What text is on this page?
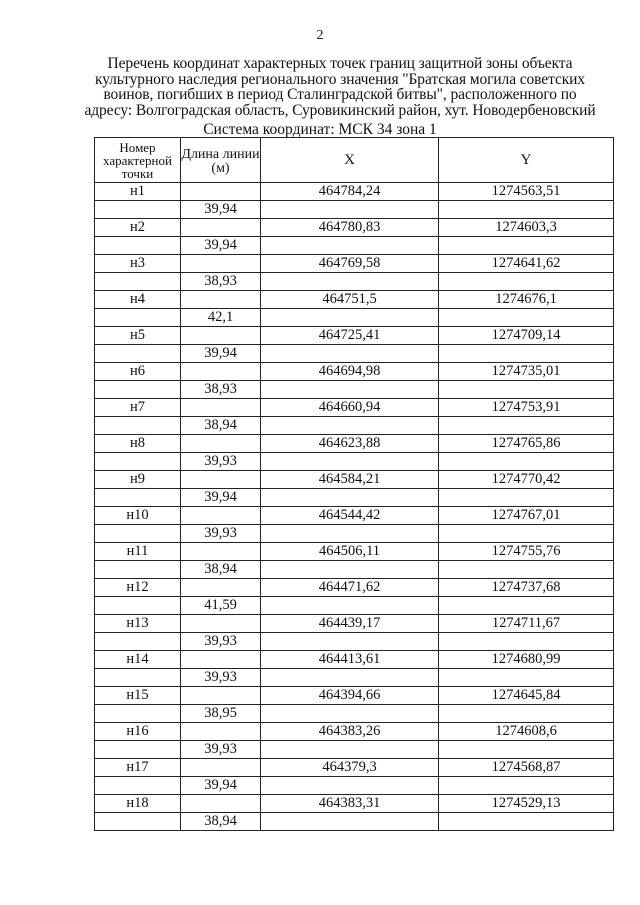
2
Перечень координат характерных точек границ защитной зоны объекта
культурного наследия регионального значения "Братская могила советских
воинов, погибших в период Сталинградской битвы", расположенного по
адресу: Волгоградская область, Суровикинский район, хут. Новодербеновский
Система координат: МСК 34 зона 1
Номер характерной точки	Длина линии (м)	X	Y
н1		464784,24	1274563,51
	39,94		
н2		464780,83	1274603,3
	39,94		
н3		464769,58	1274641,62
	38,93		
н4		464751,5	1274676,1
	42,1		
н5		464725,41	1274709,14
	39,94		
н6		464694,98	1274735,01
	38,93		
н7		464660,94	1274753,91
	38,94		
н8		464623,88	1274765,86
	39,93		
н9		464584,21	1274770,42
	39,94		
н10		464544,42	1274767,01
	39,93		
н11		464506,11	1274755,76
	38,94		
н12		464471,62	1274737,68
	41,59		
н13		464439,17	1274711,67
	39,93		
н14		464413,61	1274680,99
	39,93		
н15		464394,66	1274645,84
	38,95		
н16		464383,26	1274608,6
	39,93		
н17		464379,3	1274568,87
	39,94		
н18		464383,31	1274529,13
	38,94		
